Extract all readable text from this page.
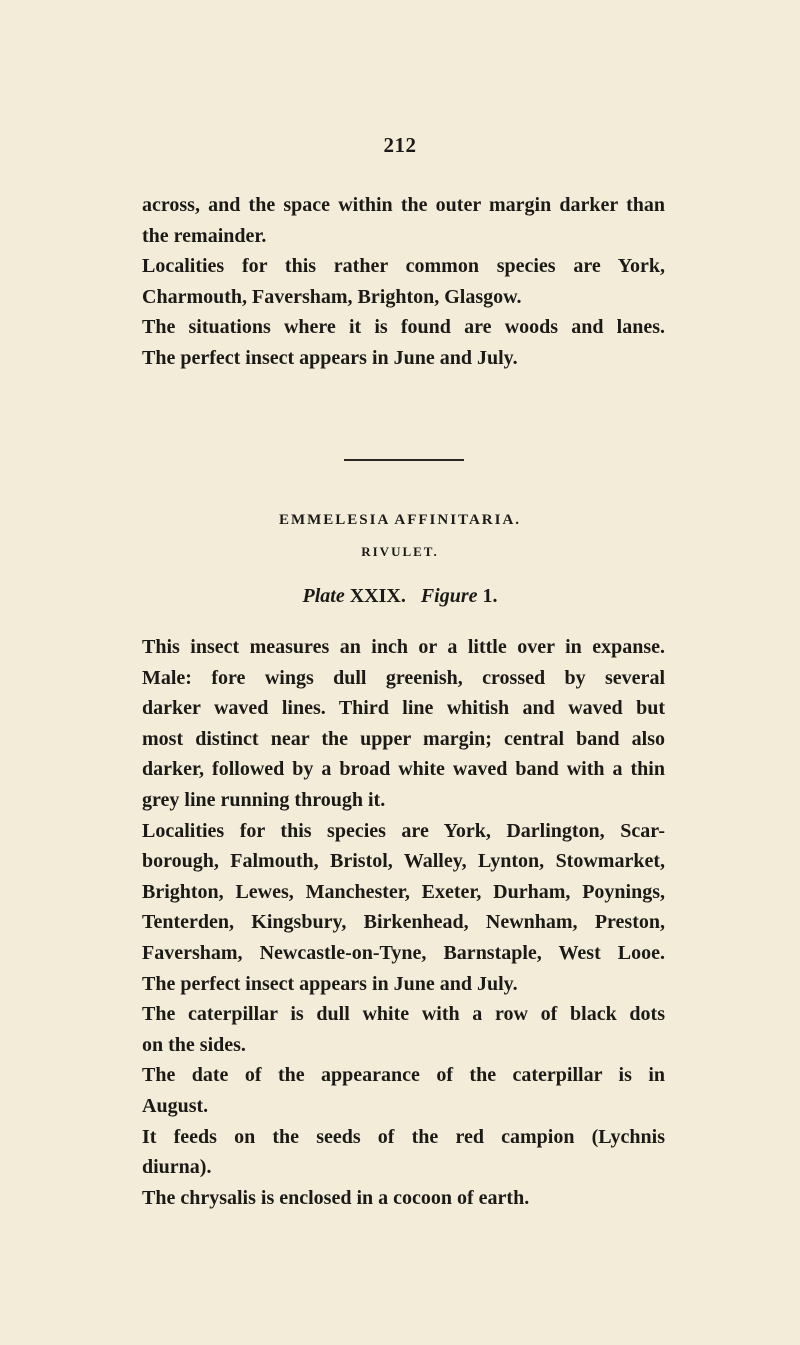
212
across, and the space within the outer margin darker than
the remainder.
Localities for this rather common species are York,
Charmouth, Faversham, Brighton, Glasgow.
The situations where it is found are woods and lanes.
The perfect insect appears in June and July.
EMMELESIA AFFINITARIA.
RIVULET.
Plate XXIX. Figure 1.
This insect measures an inch or a little over in expanse.
Male: fore wings dull greenish, crossed by several
darker waved lines. Third line whitish and waved but
most distinct near the upper margin; central band also
darker, followed by a broad white waved band with a thin
grey line running through it.
Localities for this species are York, Darlington, Scar-
borough, Falmouth, Bristol, Walley, Lynton, Stowmarket,
Brighton, Lewes, Manchester, Exeter, Durham, Poynings,
Tenterden, Kingsbury, Birkenhead, Newnham, Preston,
Faversham, Newcastle-on-Tyne, Barnstaple, West Looe.
The perfect insect appears in June and July.
The caterpillar is dull white with a row of black dots
on the sides.
The date of the appearance of the caterpillar is in
August.
It feeds on the seeds of the red campion (Lychnis
diurna).
The chrysalis is enclosed in a cocoon of earth.
